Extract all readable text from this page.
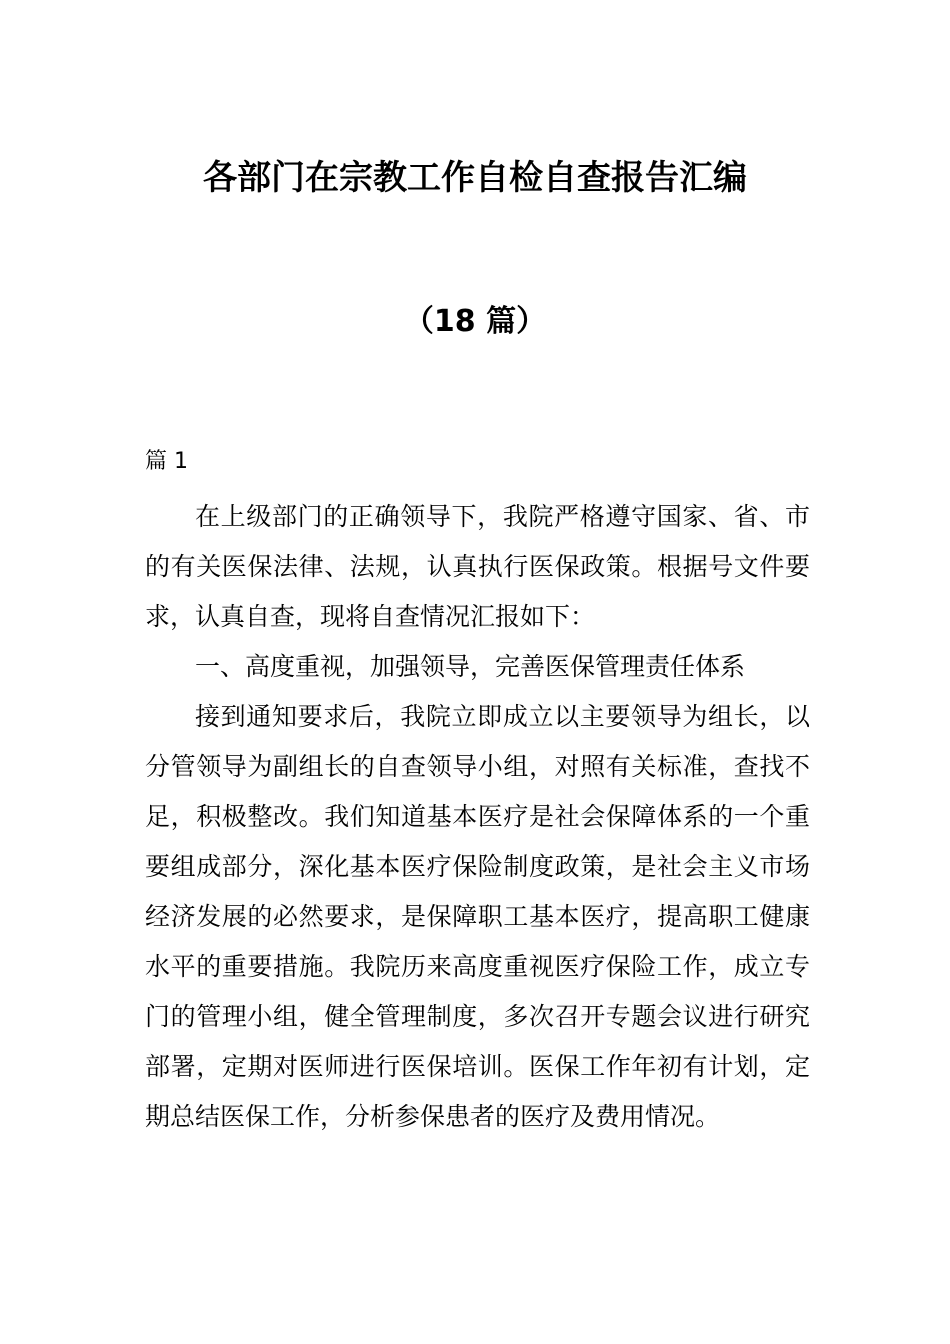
各部门在宗教工作自检自查报告汇编
（18 篇）
篇 1

在上级部门的正确领导下，我院严格遵守国家、省、市的有关医保法律、法规，认真执行医保政策。根据号文件要求，认真自查，现将自查情况汇报如下：

一、高度重视，加强领导，完善医保管理责任体系

接到通知要求后，我院立即成立以主要领导为组长，以分管领导为副组长的自查领导小组，对照有关标准，查找不足，积极整改。我们知道基本医疗是社会保障体系的一个重要组成部分，深化基本医疗保险制度政策，是社会主义市场经济发展的必然要求，是保障职工基本医疗，提高职工健康水平的重要措施。我院历来高度重视医疗保险工作，成立专门的管理小组，健全管理制度，多次召开专题会议进行研究部署，定期对医师进行医保培训。医保工作年初有计划，定期总结医保工作，分析参保患者的医疗及费用情况。
